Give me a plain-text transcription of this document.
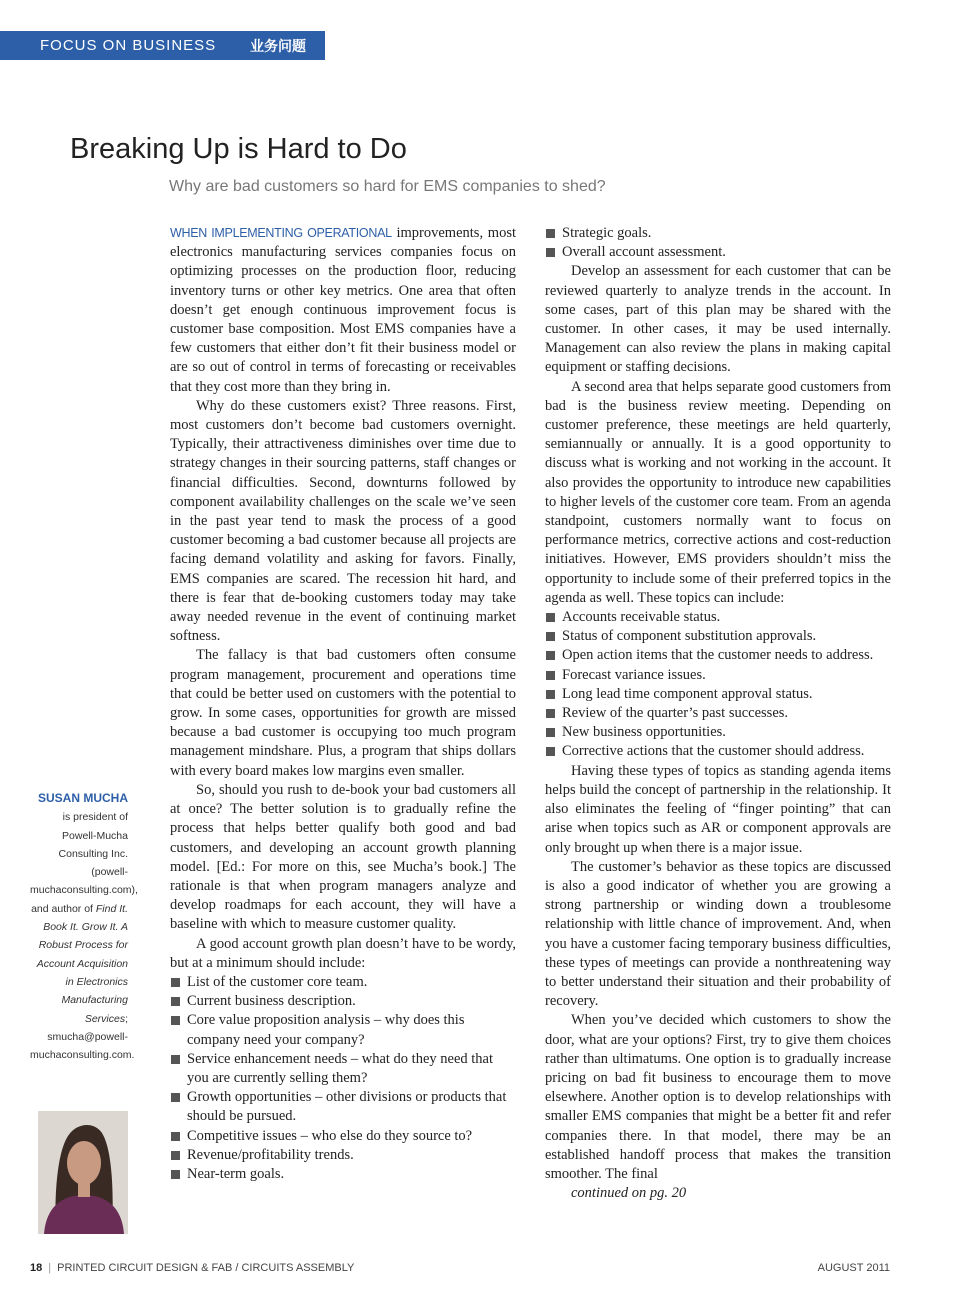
FOCUS ON BUSINESS 业务问题
Breaking Up is Hard to Do

Why are bad customers so hard for EMS companies to shed?

WHEN IMPLEMENTING OPERATIONAL improvements, most electronics manufacturing services companies focus on optimizing processes on the production floor, reducing inventory turns or other key metrics. One area that often doesn’t get enough continuous improvement focus is customer base composition. Most EMS companies have a few customers that either don’t fit their business model or are so out of control in terms of forecasting or receivables that they cost more than they bring in.

Why do these customers exist? Three reasons. First, most customers don’t become bad customers overnight. Typically, their attractiveness diminishes over time due to strategy changes in their sourcing patterns, staff changes or financial difficulties. Second, downturns followed by component availability challenges on the scale we’ve seen in the past year tend to mask the process of a good customer becoming a bad customer because all projects are facing demand volatility and asking for favors. Finally, EMS companies are scared. The recession hit hard, and there is fear that de-booking customers today may take away needed revenue in the event of continuing market softness.

The fallacy is that bad customers often consume program management, procurement and operations time that could be better used on customers with the potential to grow. In some cases, opportunities for growth are missed because a bad customer is occupying too much program management mindshare. Plus, a program that ships dollars with every board makes low margins even smaller.

So, should you rush to de-book your bad customers all at once? The better solution is to gradually refine the process that helps better qualify both good and bad customers, and developing an account growth planning model. [Ed.: For more on this, see Mucha’s book.] The rationale is that when program managers analyze and develop roadmaps for each account, they will have a baseline with which to measure customer quality.

A good account growth plan doesn’t have to be wordy, but at a minimum should include:

List of the customer core team.
Current business description.
Core value proposition analysis – why does this company need your company?
Service enhancement needs – what do they need that you are currently selling them?
Growth opportunities – other divisions or products that should be pursued.
Competitive issues – who else do they source to?
Revenue/profitability trends.
Near-term goals.
Strategic goals.
Overall account assessment.

Develop an assessment for each customer that can be reviewed quarterly to analyze trends in the account. In some cases, part of this plan may be shared with the customer. In other cases, it may be used internally. Management can also review the plans in making capital equipment or staffing decisions.

A second area that helps separate good customers from bad is the business review meeting. Depending on customer preference, these meetings are held quarterly, semiannually or annually. It is a good opportunity to discuss what is working and not working in the account. It also provides the opportunity to introduce new capabilities to higher levels of the customer core team. From an agenda standpoint, customers normally want to focus on performance metrics, corrective actions and cost-reduction initiatives. However, EMS providers shouldn’t miss the opportunity to include some of their preferred topics in the agenda as well. These topics can include:

Accounts receivable status.
Status of component substitution approvals.
Open action items that the customer needs to address.
Forecast variance issues.
Long lead time component approval status.
Review of the quarter’s past successes.
New business opportunities.
Corrective actions that the customer should address.

Having these types of topics as standing agenda items helps build the concept of partnership in the relationship. It also eliminates the feeling of “finger pointing” that can arise when topics such as AR or component approvals are only brought up when there is a major issue.

The customer’s behavior as these topics are discussed is also a good indicator of whether you are growing a strong partnership or winding down a troublesome relationship with little chance of improvement. And, when you have a customer facing temporary business difficulties, these types of meetings can provide a nonthreatening way to better understand their situation and their probability of recovery.

When you’ve decided which customers to show the door, what are your options? First, try to give them choices rather than ultimatums. One option is to gradually increase pricing on bad fit business to encourage them to move elsewhere. Another option is to develop relationships with smaller EMS companies that might be a better fit and refer companies there. In that model, there may be an established handoff process that makes the transition smoother. The final

continued on pg. 20

SUSAN MUCHA is president of Powell-Mucha Consulting Inc. (powell-muchaconsulting.com), and author of Find It. Book It. Grow It. A Robust Process for Account Acquisition in Electronics Manufacturing Services; smucha@powell-muchaconsulting.com.
18 | PRINTED CIRCUIT DESIGN & FAB / CIRCUITS ASSEMBLY	AUGUST 2011
